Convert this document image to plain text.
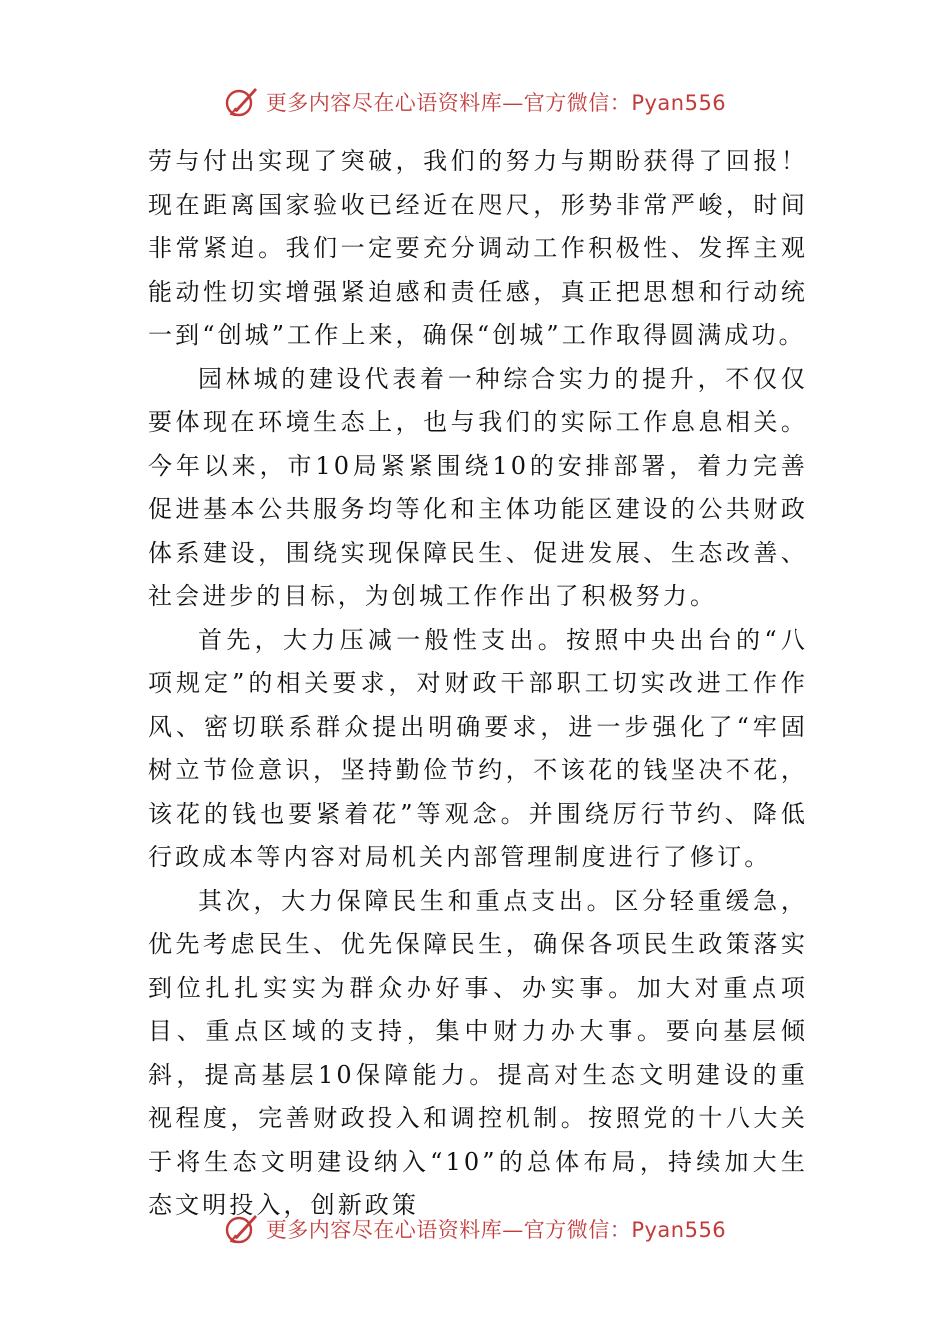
更多内容尽在心语资料库—官方微信：Pyan556

劳与付出实现了突破，我们的努力与期盼获得了回报！现在距离国家验收已经近在咫尺，形势非常严峻，时间非常紧迫。我们一定要充分调动工作积极性、发挥主观能动性切实增强紧迫感和责任感，真正把思想和行动统一到“创城”工作上来，确保“创城”工作取得圆满成功。

园林城的建设代表着一种综合实力的提升，不仅仅要体现在环境生态上，也与我们的实际工作息息相关。今年以来，市10局紧紧围绕10的安排部署，着力完善促进基本公共服务均等化和主体功能区建设的公共财政体系建设，围绕实现保障民生、促进发展、生态改善、社会进步的目标，为创城工作作出了积极努力。

首先，大力压减一般性支出。按照中央出台的“八项规定”的相关要求，对财政干部职工切实改进工作作风、密切联系群众提出明确要求，进一步强化了“牢固树立节俭意识，坚持勤俭节约，不该花的钱坚决不花，该花的钱也要紧着花”等观念。并围绕厉行节约、降低行政成本等内容对局机关内部管理制度进行了修订。

其次，大力保障民生和重点支出。区分轻重缓急，优先考虑民生、优先保障民生，确保各项民生政策落实到位扎扎实实为群众办好事、办实事。加大对重点项目、重点区域的支持，集中财力办大事。要向基层倾斜，提高基层10保障能力。提高对生态文明建设的重视程度，完善财政投入和调控机制。按照党的十八大关于将生态文明建设纳入“10”的总体布局，持续加大生态文明投入，创新政策

更多内容尽在心语资料库—官方微信：Pyan556
